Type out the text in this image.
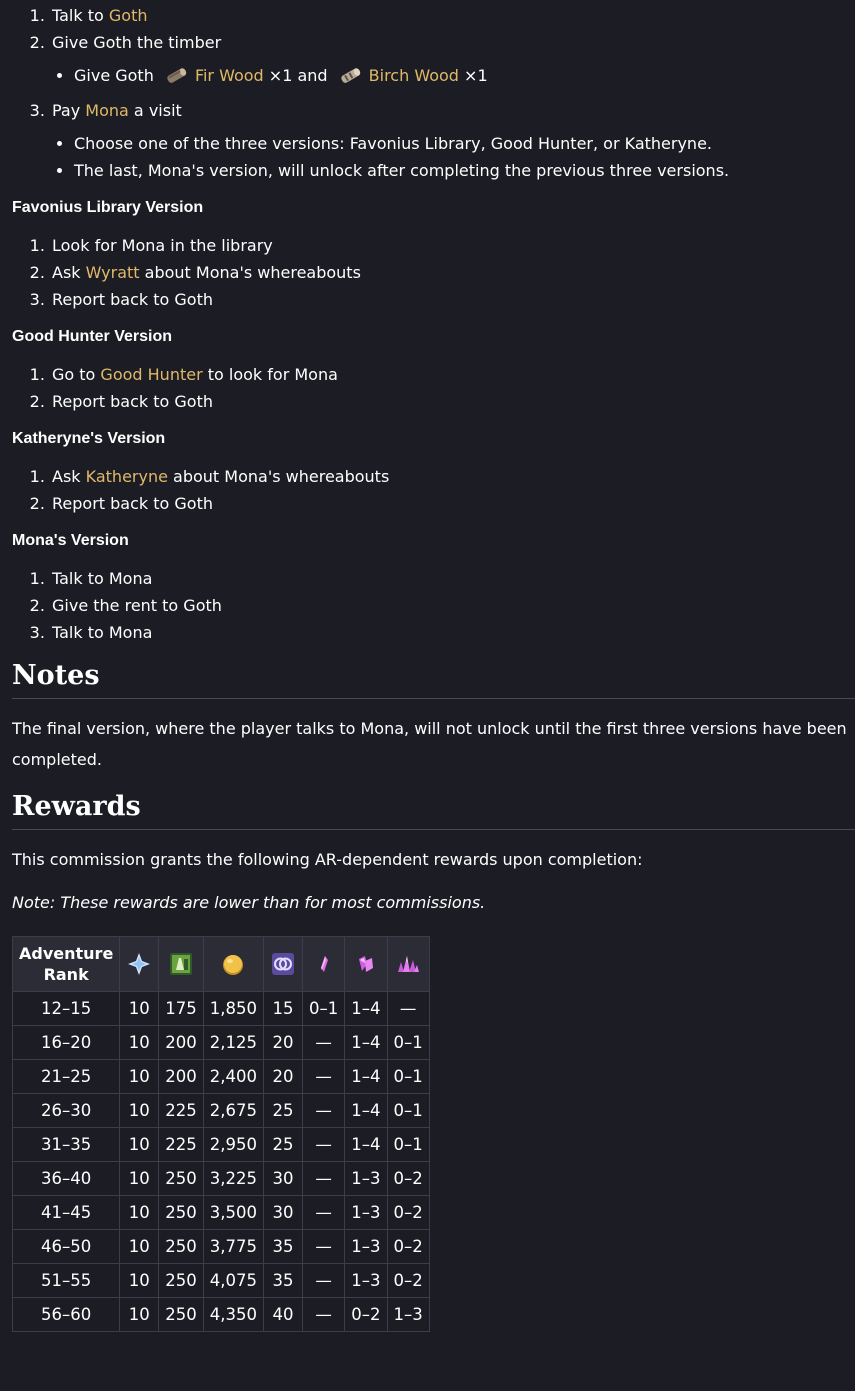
1. Talk to Goth
2. Give Goth the timber
• Give Goth Fir Wood ×1 and Birch Wood ×1
3. Pay Mona a visit
• Choose one of the three versions: Favonius Library, Good Hunter, or Katheryne.
• The last, Mona's version, will unlock after completing the previous three versions.
Favonius Library Version
1. Look for Mona in the library
2. Ask Wyratt about Mona's whereabouts
3. Report back to Goth
Good Hunter Version
1. Go to Good Hunter to look for Mona
2. Report back to Goth
Katheryne's Version
1. Ask Katheryne about Mona's whereabouts
2. Report back to Goth
Mona's Version
1. Talk to Mona
2. Give the rent to Goth
3. Talk to Mona
Notes

The final version, where the player talks to Mona, will not unlock until the first three versions have been completed.

Rewards

This commission grants the following AR-dependent rewards upon completion:

Note: These rewards are lower than for most commissions.

Adventure Rank							
12–15	10	175	1,850	15	0–1	1–4	—
16–20	10	200	2,125	20	—	1–4	0–1
21–25	10	200	2,400	20	—	1–4	0–1
26–30	10	225	2,675	25	—	1–4	0–1
31–35	10	225	2,950	25	—	1–4	0–1
36–40	10	250	3,225	30	—	1–3	0–2
41–45	10	250	3,500	30	—	1–3	0–2
46–50	10	250	3,775	35	—	1–3	0–2
51–55	10	250	4,075	35	—	1–3	0–2
56–60	10	250	4,350	40	—	0–2	1–3
